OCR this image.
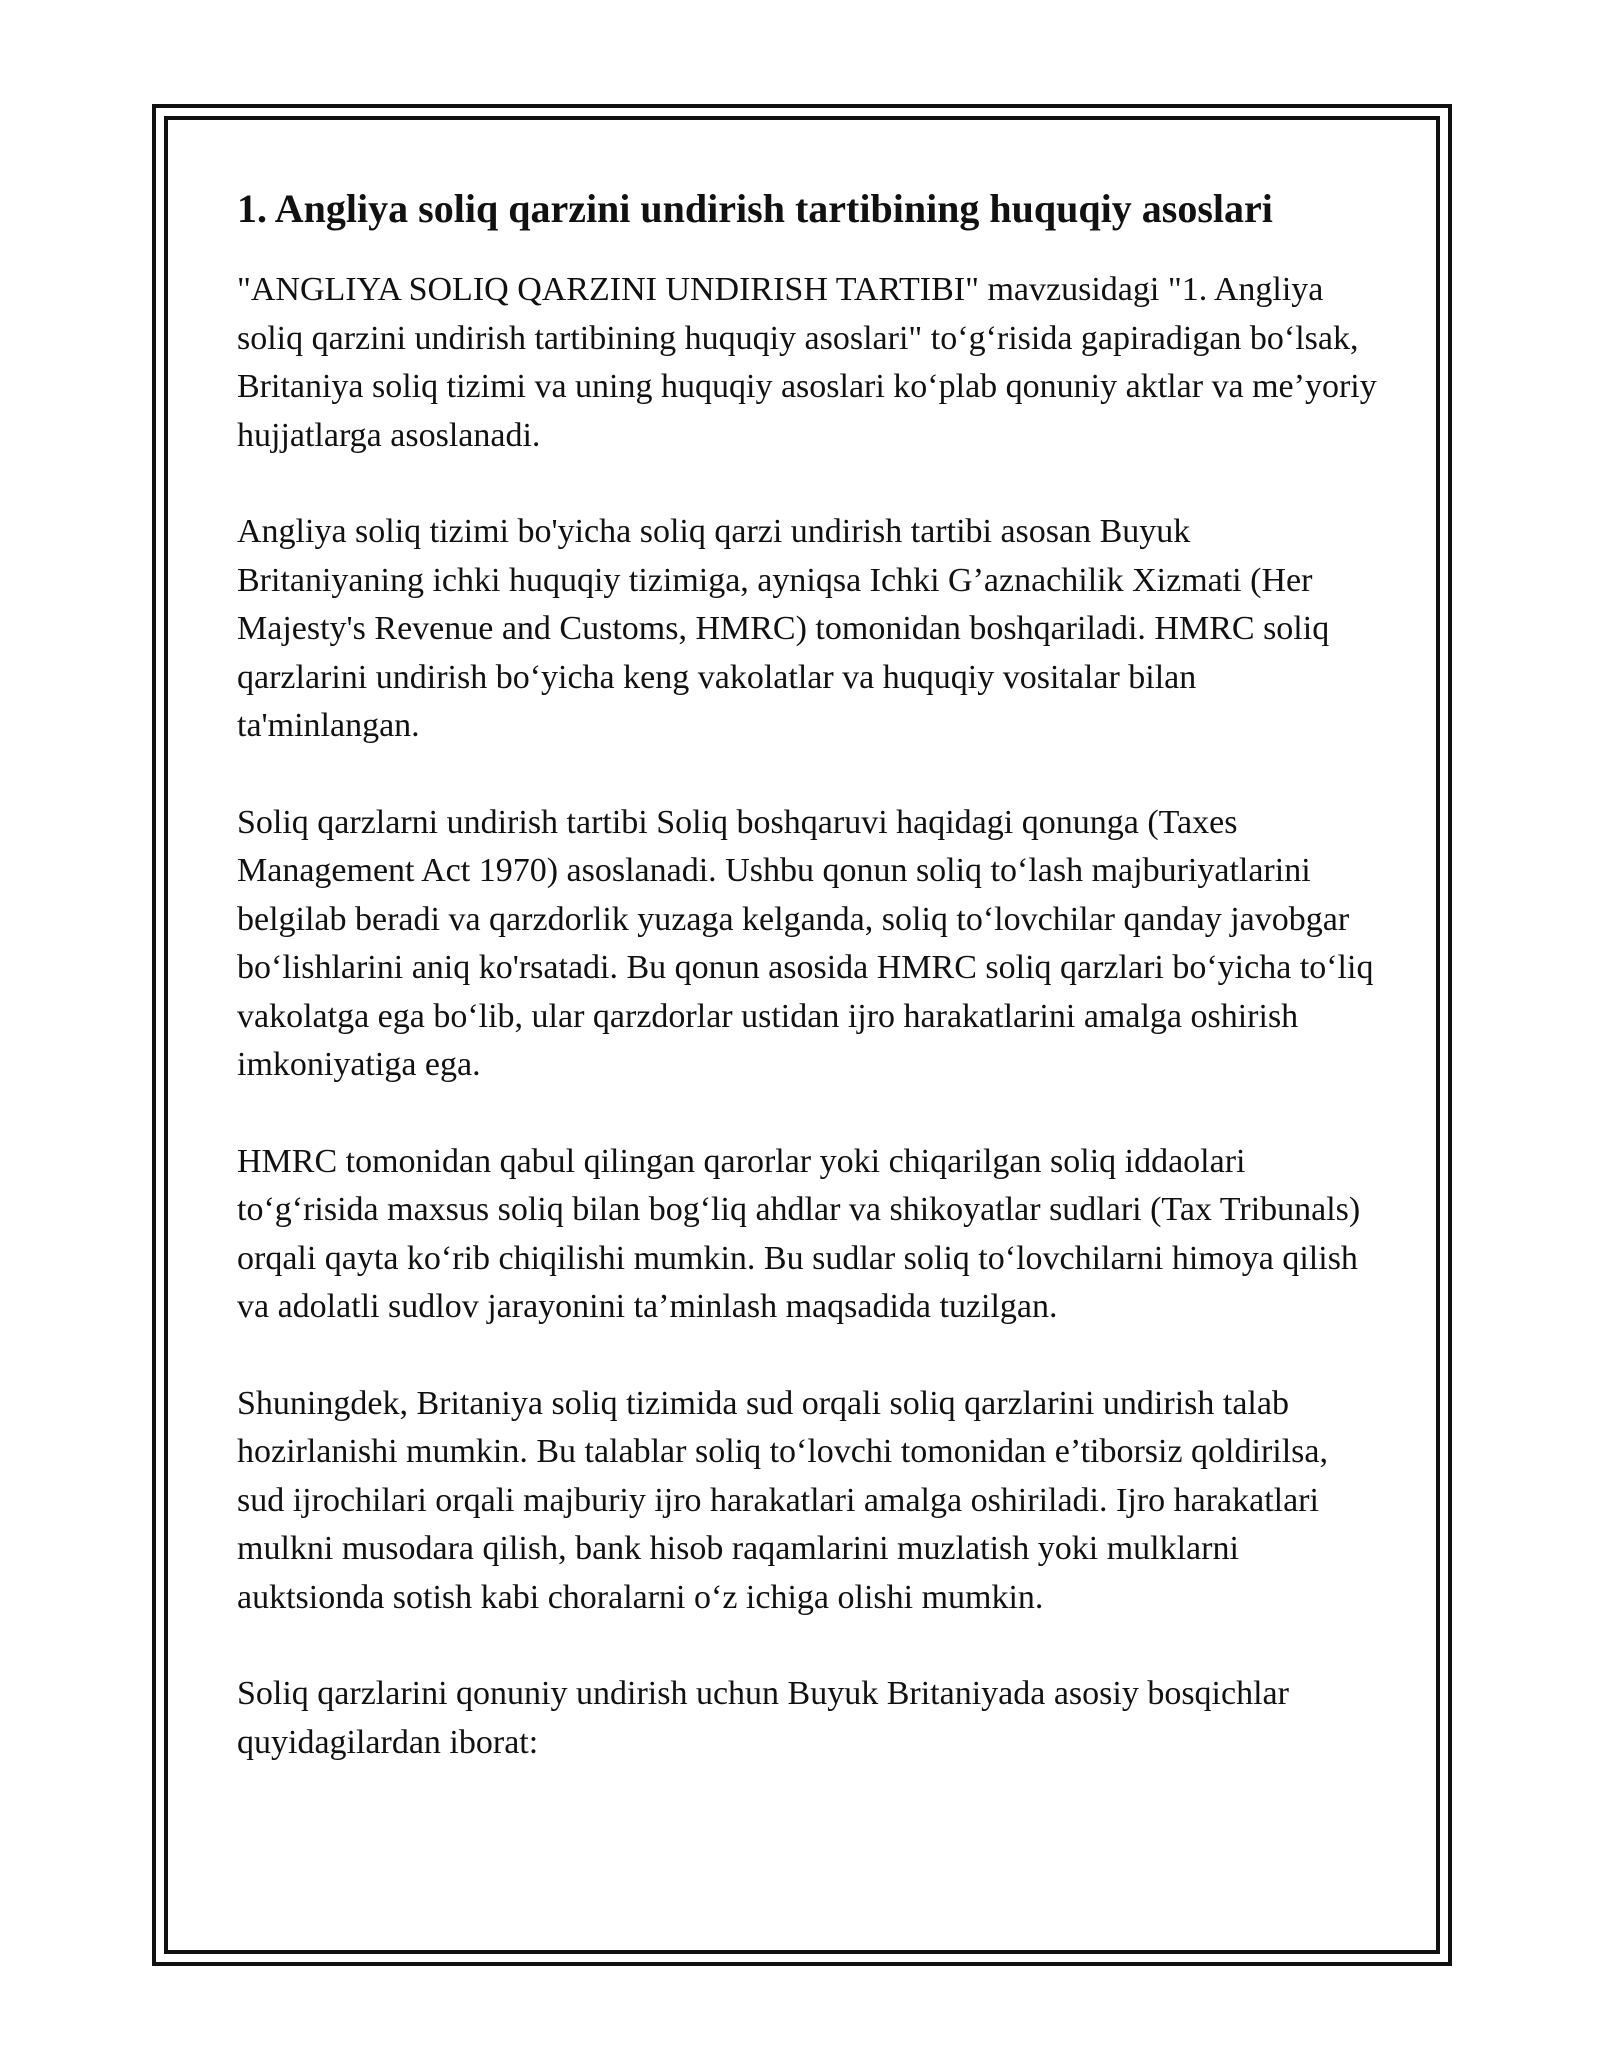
1. Angliya soliq qarzini undirish tartibining huquqiy asoslari

"ANGLIYA SOLIQ QARZINI UNDIRISH TARTIBI" mavzusidagi "1. Angliya soliq qarzini undirish tartibining huquqiy asoslari" to‘g‘risida gapiradigan bo‘lsak, Britaniya soliq tizimi va uning huquqiy asoslari ko‘plab qonuniy aktlar va me’yoriy hujjatlarga asoslanadi.

Angliya soliq tizimi bo'yicha soliq qarzi undirish tartibi asosan Buyuk Britaniyaning ichki huquqiy tizimiga, ayniqsa Ichki G’aznachilik Xizmati (Her Majesty's Revenue and Customs, HMRC) tomonidan boshqariladi. HMRC soliq qarzlarini undirish bo‘yicha keng vakolatlar va huquqiy vositalar bilan ta'minlangan.

Soliq qarzlarni undirish tartibi Soliq boshqaruvi haqidagi qonunga (Taxes Management Act 1970) asoslanadi. Ushbu qonun soliq to‘lash majburiyatlarini belgilab beradi va qarzdorlik yuzaga kelganda, soliq to‘lovchilar qanday javobgar bo‘lishlarini aniq ko'rsatadi. Bu qonun asosida HMRC soliq qarzlari bo‘yicha to‘liq vakolatga ega bo‘lib, ular qarzdorlar ustidan ijro harakatlarini amalga oshirish imkoniyatiga ega.

HMRC tomonidan qabul qilingan qarorlar yoki chiqarilgan soliq iddaolari to‘g‘risida maxsus soliq bilan bog‘liq ahdlar va shikoyatlar sudlari (Tax Tribunals) orqali qayta ko‘rib chiqilishi mumkin. Bu sudlar soliq to‘lovchilarni himoya qilish va adolatli sudlov jarayonini ta’minlash maqsadida tuzilgan.

Shuningdek, Britaniya soliq tizimida sud orqali soliq qarzlarini undirish talab hozirlanishi mumkin. Bu talablar soliq to‘lovchi tomonidan e’tiborsiz qoldirilsa, sud ijrochilari orqali majburiy ijro harakatlari amalga oshiriladi. Ijro harakatlari mulkni musodara qilish, bank hisob raqamlarini muzlatish yoki mulklarni auktsionda sotish kabi choralarni o‘z ichiga olishi mumkin.

Soliq qarzlarini qonuniy undirish uchun Buyuk Britaniyada asosiy bosqichlar quyidagilardan iborat:
